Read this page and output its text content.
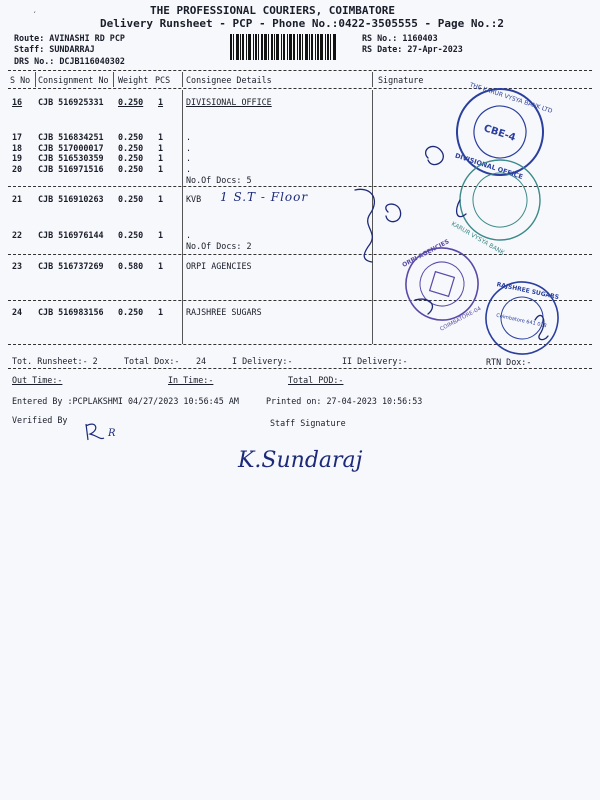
′	THE PROFESSIONAL COURIERS, COIMBATORE
Delivery Runsheet - PCP - Phone No.:0422-3505555 - Page No.:2
Route: AVINASHI RD PCP
Staff: SUNDARRAJ
DRS No.: DCJB116040302
RS No.: 1160403
RS Date: 27-Apr-2023
S No Consignment No Weight PCS Consignee Details	Signature
16 CJB 516925331 0.250 1	DIVISIONAL OFFICE
17 CJB 516834251 0.250 1	.
18 CJB 517000017 0.250 1	.
19 CJB 516530359 0.250 1	.
20 CJB 516971516 0.250 1	.
No.Of Docs: 5
21 CJB 516910263 0.250 1	KVB
22 CJB 516976144 0.250 1	.
No.Of Docs: 2
23 CJB 516737269 0.580 1	ORPI AGENCIES
24 CJB 516983156 0.250 1	RAJSHREE SUGARS
1 S.T - Floor
CBE-4
THE KARUR VYSYA BANK LTD
DIVISIONAL OFFICE
KARUR VYSYA BANK
ORPI AGENCIES
COIMBATORE-04
RAJSHREE SUGARS
Coimbatore 641 018
Tot. Runsheet:- 2	Total Dox:- 24	I Delivery:-	II Delivery:-	RTN Dox:-
Out Time:-	In Time:-	Total POD:-
Entered By :PCPLAKSHMI 04/27/2023 10:56:45 AM	Printed on: 27-04-2023 10:56:53
Verified By	Staff Signature
K.Sundaraj
R
